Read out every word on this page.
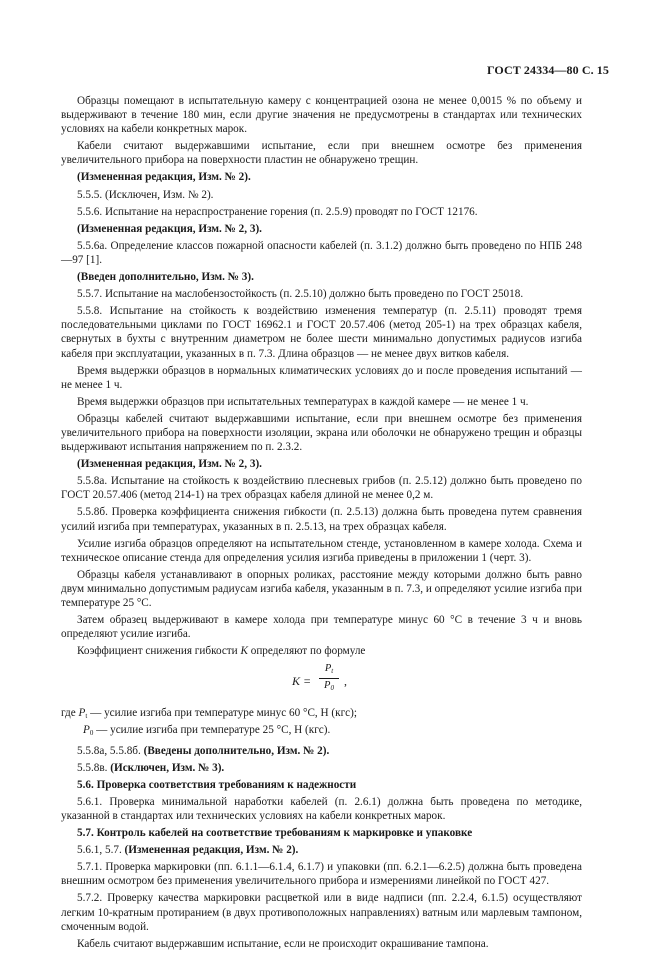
ГОСТ 24334—80 С. 15

Образцы помещают в испытательную камеру с концентрацией озона не менее 0,0015 % по объему и выдерживают в течение 180 мин, если другие значения не предусмотрены в стандартах или технических условиях на кабели конкретных марок.

Кабели считают выдержавшими испытание, если при внешнем осмотре без применения увеличительного прибора на поверхности пластин не обнаружено трещин.

(Измененная редакция, Изм. № 2).

5.5.5. (Исключен, Изм. № 2).

5.5.6. Испытание на нераспространение горения (п. 2.5.9) проводят по ГОСТ 12176.

(Измененная редакция, Изм. № 2, 3).

5.5.6а. Определение классов пожарной опасности кабелей (п. 3.1.2) должно быть проведено по НПБ 248—97 [1].

(Введен дополнительно, Изм. № 3).

5.5.7. Испытание на маслобензостойкость (п. 2.5.10) должно быть проведено по ГОСТ 25018.

5.5.8. Испытание на стойкость к воздействию изменения температур (п. 2.5.11) проводят тремя последовательными циклами по ГОСТ 16962.1 и ГОСТ 20.57.406 (метод 205-1) на трех образцах кабеля, свернутых в бухты с внутренним диаметром не более шести минимально допустимых радиусов изгиба кабеля при эксплуатации, указанных в п. 7.3. Длина образцов — не менее двух витков кабеля.

Время выдержки образцов в нормальных климатических условиях до и после проведения испытаний — не менее 1 ч.

Время выдержки образцов при испытательных температурах в каждой камере — не менее 1 ч.

Образцы кабелей считают выдержавшими испытание, если при внешнем осмотре без применения увеличительного прибора на поверхности изоляции, экрана или оболочки не обнаружено трещин и образцы выдерживают испытания напряжением по п. 2.3.2.

(Измененная редакция, Изм. № 2, 3).

5.5.8а. Испытание на стойкость к воздействию плесневых грибов (п. 2.5.12) должно быть проведено по ГОСТ 20.57.406 (метод 214-1) на трех образцах кабеля длиной не менее 0,2 м.

5.5.8б. Проверка коэффициента снижения гибкости (п. 2.5.13) должна быть проведена путем сравнения усилий изгиба при температурах, указанных в п. 2.5.13, на трех образцах кабеля.

Усилие изгиба образцов определяют на испытательном стенде, установленном в камере холода. Схема и техническое описание стенда для определения усилия изгиба приведены в приложении 1 (черт. 3).

Образцы кабеля устанавливают в опорных роликах, расстояние между которыми должно быть равно двум минимально допустимым радиусам изгиба кабеля, указанным в п. 7.3, и определяют усилие изгиба при температуре 25 °С.

Затем образец выдерживают в камере холода при температуре минус 60 °С в течение 3 ч и вновь определяют усилие изгиба.

Коэффициент снижения гибкости K определяют по формуле

$K = \frac{P_t}{P_0}$ ,

где $P_t$ — усилие изгиба при температуре минус 60 °С, Н (кгс);

$P_0$ — усилие изгиба при температуре 25 °С, Н (кгс).

5.5.8а, 5.5.8б. (Введены дополнительно, Изм. № 2).

5.5.8в. (Исключен, Изм. № 3).

5.6. Проверка соответствия требованиям к надежности

5.6.1. Проверка минимальной наработки кабелей (п. 2.6.1) должна быть проведена по методике, указанной в стандартах или технических условиях на кабели конкретных марок.

5.7. Контроль кабелей на соответствие требованиям к маркировке и упаковке

5.6.1, 5.7. (Измененная редакция, Изм. № 2).

5.7.1. Проверка маркировки (пп. 6.1.1—6.1.4, 6.1.7) и упаковки (пп. 6.2.1—6.2.5) должна быть проведена внешним осмотром без применения увеличительного прибора и измерениями линейкой по ГОСТ 427.

5.7.2. Проверку качества маркировки расцветкой или в виде надписи (пп. 2.2.4, 6.1.5) осуществляют легким 10-кратным протиранием (в двух противоположных направлениях) ватным или марлевым тампоном, смоченным водой.

Кабель считают выдержавшим испытание, если не происходит окрашивание тампона.
